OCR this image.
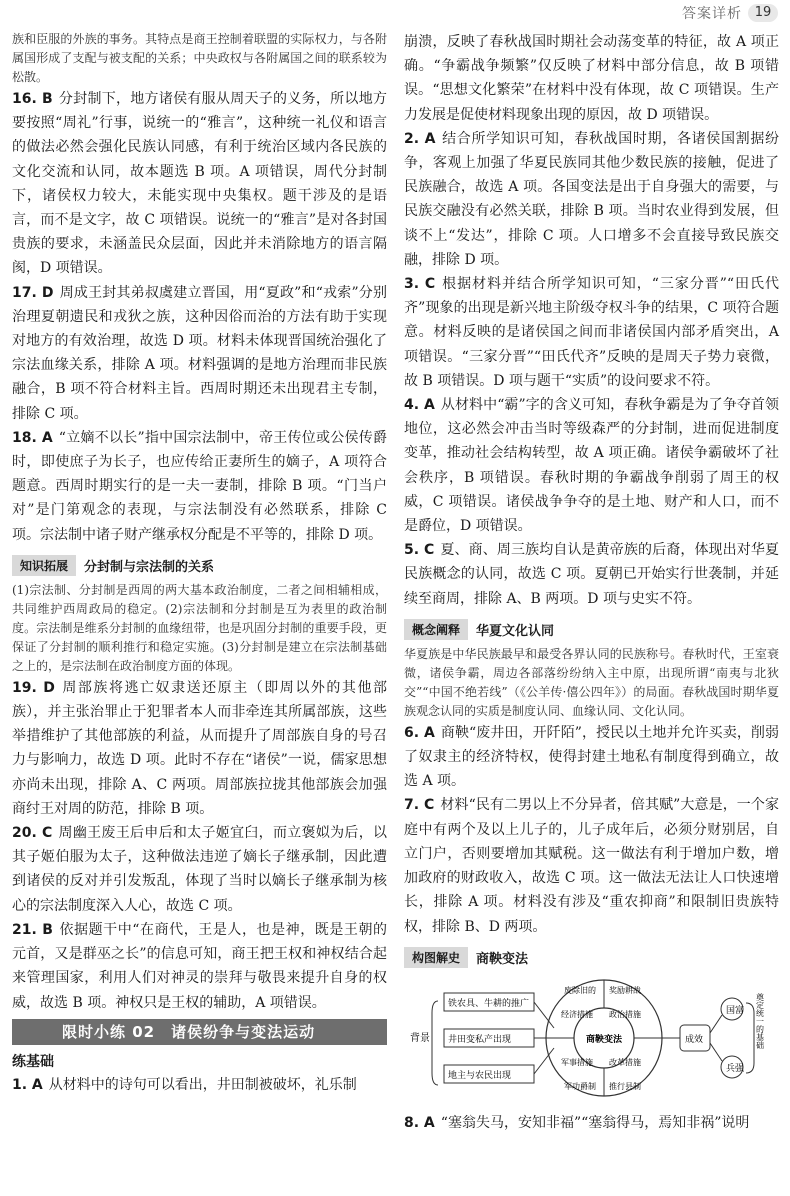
答案详析 19

族和臣服的外族的事务。其特点是商王控制着联盟的实际权力，与各附属国形成了支配与被支配的关系；中央政权与各附属国之间的联系较为松散。

16. B 分封制下，地方诸侯有服从周天子的义务，所以地方要按照“周礼”行事，说统一的“雅言”，这种统一礼仪和语言的做法必然会强化民族认同感，有利于统治区域内各民族的文化交流和认同，故本题选 B 项。A 项错误，周代分封制下，诸侯权力较大，未能实现中央集权。题干涉及的是语言，而不是文字，故 C 项错误。说统一的“雅言”是对各封国贵族的要求，未涵盖民众层面，因此并未消除地方的语言隔阂，D 项错误。

17. D 周成王封其弟叔虞建立晋国，用“夏政”和“戎索”分别治理夏朝遗民和戎狄之族，这种因俗而治的方法有助于实现对地方的有效治理，故选 D 项。材料未体现晋国统治强化了宗法血缘关系，排除 A 项。材料强调的是地方治理而非民族融合，B 项不符合材料主旨。西周时期还未出现君主专制，排除 C 项。

18. A “立嫡不以长”指中国宗法制中，帝王传位或公侯传爵时，即使庶子为长子，也应传给正妻所生的嫡子，A 项符合题意。西周时期实行的是一夫一妻制，排除 B 项。“门当户对”是门第观念的表现，与宗法制没有必然联系，排除 C 项。宗法制中诸子财产继承权分配是不平等的，排除 D 项。

知识拓展	分封制与宗法制的关系

(1)宗法制、分封制是西周的两大基本政治制度，二者之间相辅相成，共同维护西周政局的稳定。(2)宗法制和分封制是互为表里的政治制度。宗法制是维系分封制的血缘纽带，也是巩固分封制的重要手段，更保证了分封制的顺利推行和稳定实施。(3)分封制是建立在宗法制基础之上的，是宗法制在政治制度方面的体现。

19. D 周部族将逃亡奴隶送还原主（即周以外的其他部族），并主张治罪止于犯罪者本人而非牵连其所属部族，这些举措维护了其他部族的利益，从而提升了周部族自身的号召力与影响力，故选 D 项。此时不存在“诸侯”一说，儒家思想亦尚未出现，排除 A、C 两项。周部族拉拢其他部族会加强商纣王对周的防范，排除 B 项。

20. C 周幽王废王后申后和太子姬宜臼，而立褒姒为后，以其子姬伯服为太子，这种做法违逆了嫡长子继承制，因此遭到诸侯的反对并引发叛乱，体现了当时以嫡长子继承制为核心的宗法制度深入人心，故选 C 项。

21. B 依据题干中“在商代，王是人，也是神，既是王朝的元首，又是群巫之长”的信息可知，商王把王权和神权结合起来管理国家，利用人们对神灵的崇拜与敬畏来提升自身的权威，故选 B 项。神权只是王权的辅助，A 项错误。

限时小练 02　诸侯纷争与变法运动
练基础

1. A 从材料中的诗句可以看出，井田制被破坏，礼乐制

崩溃，反映了春秋战国时期社会动荡变革的特征，故 A 项正确。“争霸战争频繁”仅反映了材料中部分信息，故 B 项错误。“思想文化繁荣”在材料中没有体现，故 C 项错误。生产力发展是促使材料现象出现的原因，故 D 项错误。

2. A 结合所学知识可知，春秋战国时期，各诸侯国割据纷争，客观上加强了华夏民族同其他少数民族的接触，促进了民族融合，故选 A 项。各国变法是出于自身强大的需要，与民族交融没有必然关联，排除 B 项。当时农业得到发展，但谈不上“发达”，排除 C 项。人口增多不会直接导致民族交融，排除 D 项。

3. C 根据材料并结合所学知识可知，“三家分晋”“田氏代齐”现象的出现是新兴地主阶级夺权斗争的结果，C 项符合题意。材料反映的是诸侯国之间而非诸侯国内部矛盾突出，A 项错误。“三家分晋”“田氏代齐”反映的是周天子势力衰微，故 B 项错误。D 项与题干“实质”的设问要求不符。

4. A 从材料中“霸”字的含义可知，春秋争霸是为了争夺首领地位，这必然会冲击当时等级森严的分封制，进而促进制度变革，推动社会结构转型，故 A 项正确。诸侯争霸破坏了社会秩序，B 项错误。春秋时期的争霸战争削弱了周王的权威，C 项错误。诸侯战争争夺的是土地、财产和人口，而不是爵位，D 项错误。

5. C 夏、商、周三族均自认是黄帝族的后裔，体现出对华夏民族概念的认同，故选 C 项。夏朝已开始实行世袭制，并延续至商周，排除 A、B 两项。D 项与史实不符。

概念阐释	华夏文化认同

华夏族是中华民族最早和最受各界认同的民族称号。春秋时代，王室衰微，诸侯争霸，周边各部落纷纷纳入主中原，出现所谓“南夷与北狄交”“中国不绝若线”（《公羊传·僖公四年》）的局面。春秋战国时期华夏族观念认同的实质是制度认同、血缘认同、文化认同。

6. A 商鞅“废井田，开阡陌”，授民以土地并允许买卖，削弱了奴隶主的经济特权，使得封建土地私有制度得到确立，故选 A 项。

7. C 材料“民有二男以上不分异者，倍其赋”大意是，一个家庭中有两个及以上儿子的，儿子成年后，必须分财别居，自立门户，否则要增加其赋税。这一做法有利于增加户数，增加政府的财政收入，故选 C 项。这一做法无法让人口快速增长，排除 A 项。材料没有涉及“重农抑商”和限制旧贵族特权，排除 B、D 两项。

构图解史	商鞅变法
背景
铁农具、牛耕的推广
井田变私产出现
地主与农民出现
商鞅变法
经济措施 政治措施
军事措施 改革措施
废除旧的 奖励耕战
军功爵制 推行县制
成效
国富
兵强
奠定统一的基础

8. A “塞翁失马，安知非福”“塞翁得马，焉知非祸”说明
